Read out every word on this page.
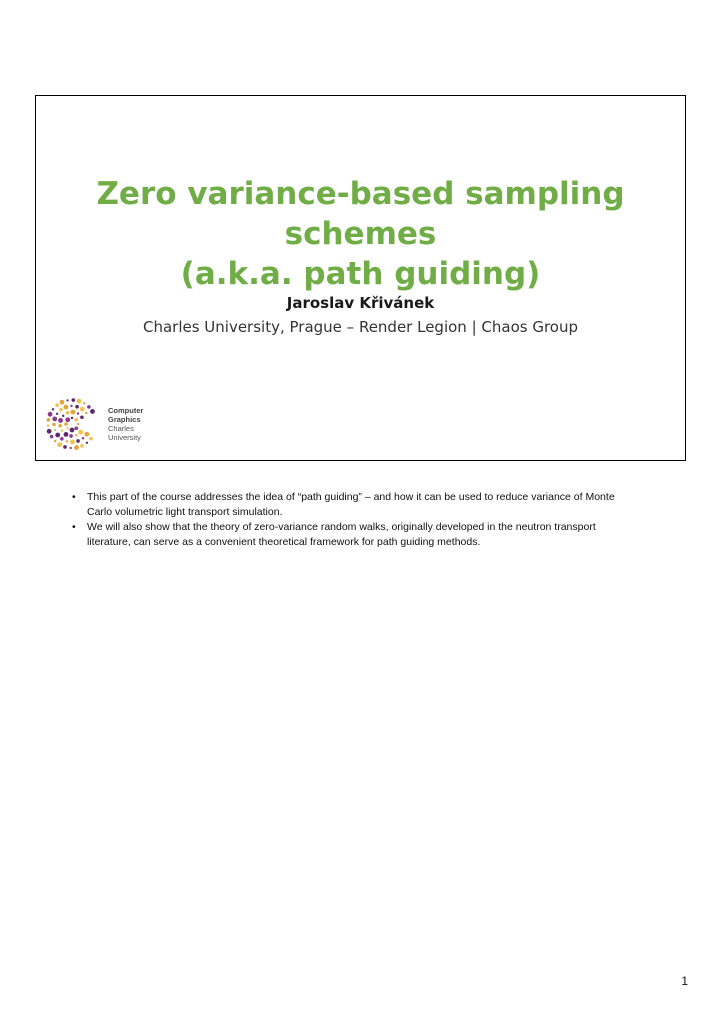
Zero variance-based sampling schemes
(a.k.a. path guiding)
Jaroslav Křivánek
Charles University, Prague – Render Legion | Chaos Group
Computer
Graphics
Charles
University
• This part of the course addresses the idea of “path guiding” – and how it can be used to reduce variance of Monte Carlo volumetric light transport simulation.
• We will also show that the theory of zero-variance random walks, originally developed in the neutron transport literature, can serve as a convenient theoretical framework for path guiding methods.
1
